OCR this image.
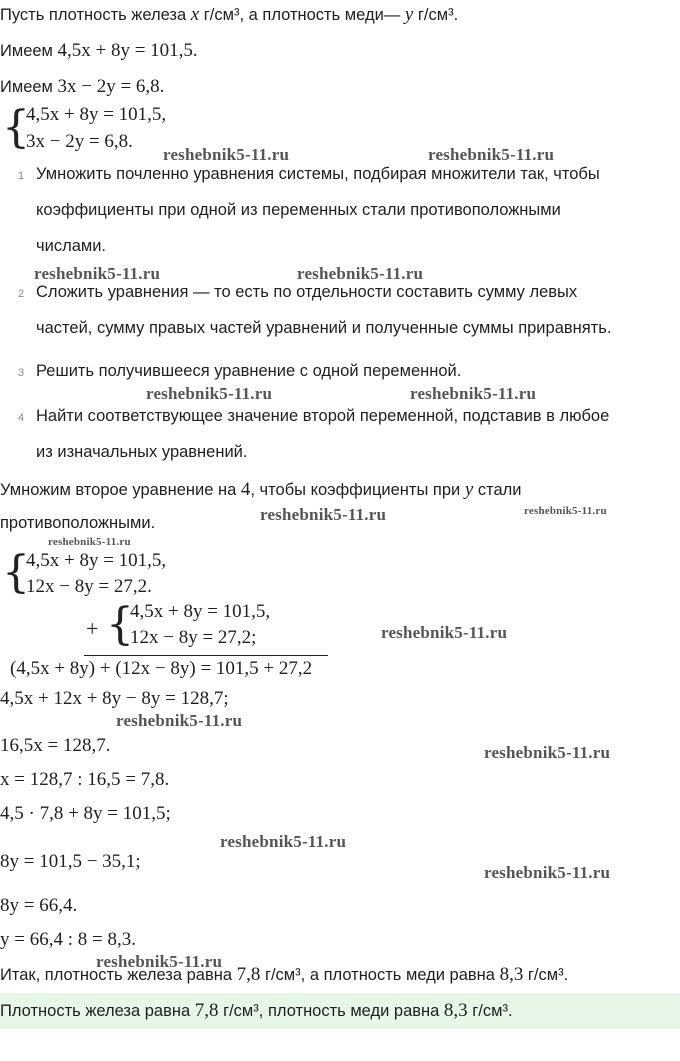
Пусть плотность железа x г/см³, а плотность меди— y г/см³.
Имеем 4,5x + 8y = 101,5.
Имеем 3x − 2y = 6,8.
{
4,5x + 8y = 101,5,
3x − 2y = 6,8.
reshebnik5-11.ru	reshebnik5-11.ru
1 Умножить почленно уравнения системы, подбирая множители так, чтобы
коэффициенты при одной из переменных стали противоположными
числами.
reshebnik5-11.ru	reshebnik5-11.ru
2 Сложить уравнения — то есть по отдельности составить сумму левых
частей, сумму правых частей уравнений и полученные суммы приравнять.
3 Решить получившееся уравнение с одной переменной.
reshebnik5-11.ru	reshebnik5-11.ru
4 Найти соответствующее значение второй переменной, подставив в любое
из изначальных уравнений.
Умножим второе уравнение на 4, чтобы коэффициенты при y стали
противоположными.	reshebnik5-11.ru	reshebnik5-11.ru
reshebnik5-11.ru
{
4,5x + 8y = 101,5,
12x − 8y = 27,2.
+ {
4,5x + 8y = 101,5,
12x − 8y = 27,2;	reshebnik5-11.ru
(4,5x + 8y) + (12x − 8y) = 101,5 + 27,2
4,5x + 12x + 8y − 8y = 128,7;
reshebnik5-11.ru
16,5x = 128,7.	reshebnik5-11.ru
x = 128,7 : 16,5 = 7,8.
4,5 · 7,8 + 8y = 101,5;
reshebnik5-11.ru
8y = 101,5 − 35,1;
reshebnik5-11.ru
8y = 66,4.
y = 66,4 : 8 = 8,3.
reshebnik5-11.ru
Итак, плотность железа равна 7,8 г/см³, а плотность меди равна 8,3 г/см³.
Плотность железа равна 7,8 г/см³, плотность меди равна 8,3 г/см³.
